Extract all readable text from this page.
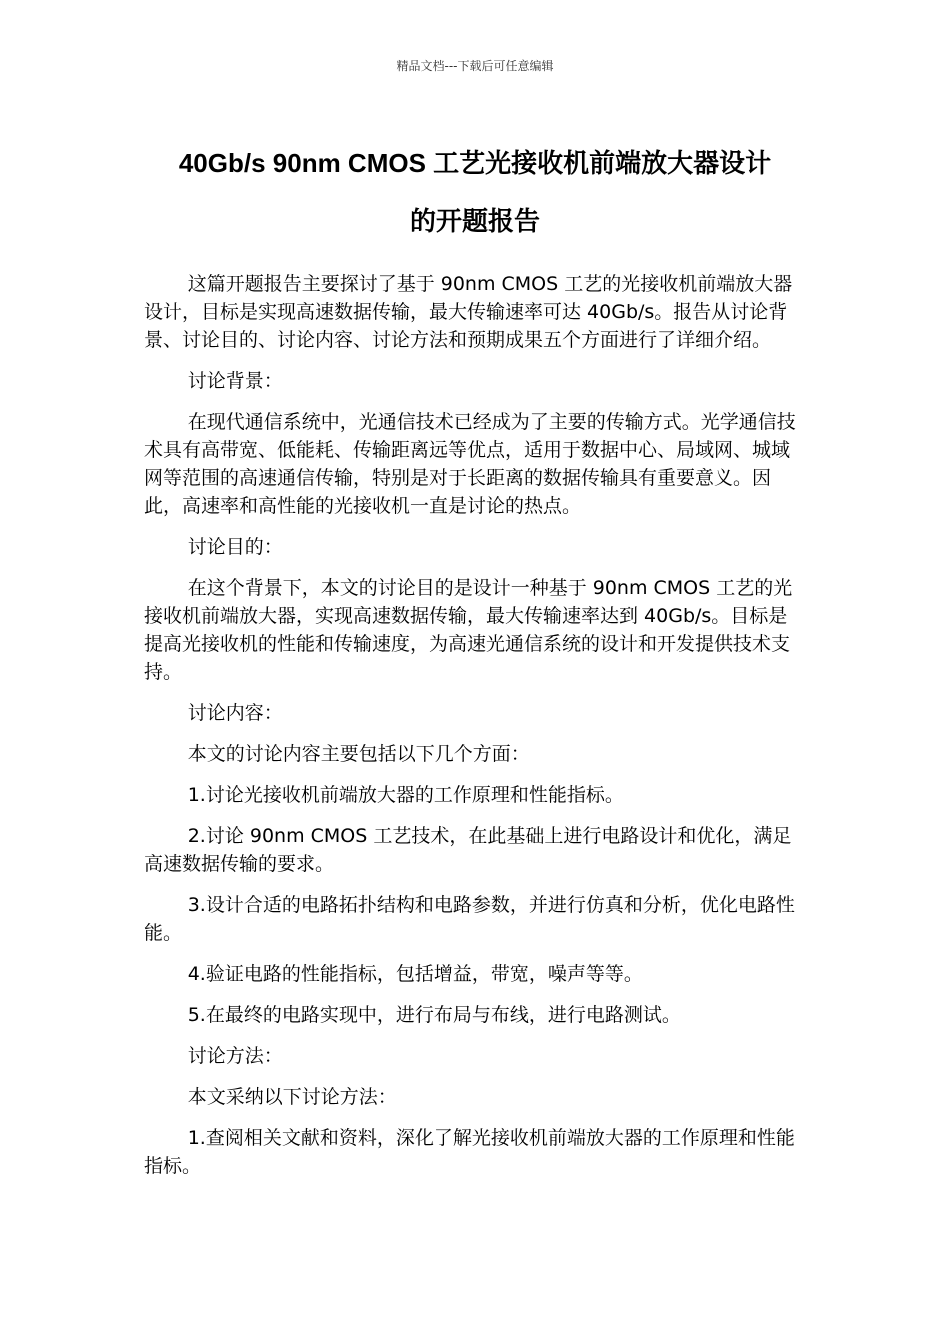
精品文档---下载后可任意编辑
40Gb/s 90nm CMOS 工艺光接收机前端放大器设计
的开题报告

这篇开题报告主要探讨了基于 90nm CMOS 工艺的光接收机前端放大器设计，目标是实现高速数据传输，最大传输速率可达 40Gb/s。报告从讨论背景、讨论目的、讨论内容、讨论方法和预期成果五个方面进行了详细介绍。

讨论背景：

在现代通信系统中，光通信技术已经成为了主要的传输方式。光学通信技术具有高带宽、低能耗、传输距离远等优点，适用于数据中心、局域网、城域网等范围的高速通信传输，特别是对于长距离的数据传输具有重要意义。因此，高速率和高性能的光接收机一直是讨论的热点。

讨论目的：

在这个背景下，本文的讨论目的是设计一种基于 90nm CMOS 工艺的光接收机前端放大器，实现高速数据传输，最大传输速率达到 40Gb/s。目标是提高光接收机的性能和传输速度，为高速光通信系统的设计和开发提供技术支持。

讨论内容：

本文的讨论内容主要包括以下几个方面：

1.讨论光接收机前端放大器的工作原理和性能指标。

2.讨论 90nm CMOS 工艺技术，在此基础上进行电路设计和优化，满足高速数据传输的要求。

3.设计合适的电路拓扑结构和电路参数，并进行仿真和分析，优化电路性能。

4.验证电路的性能指标，包括增益，带宽，噪声等等。

5.在最终的电路实现中，进行布局与布线，进行电路测试。

讨论方法：

本文采纳以下讨论方法：

1.查阅相关文献和资料，深化了解光接收机前端放大器的工作原理和性能指标。
